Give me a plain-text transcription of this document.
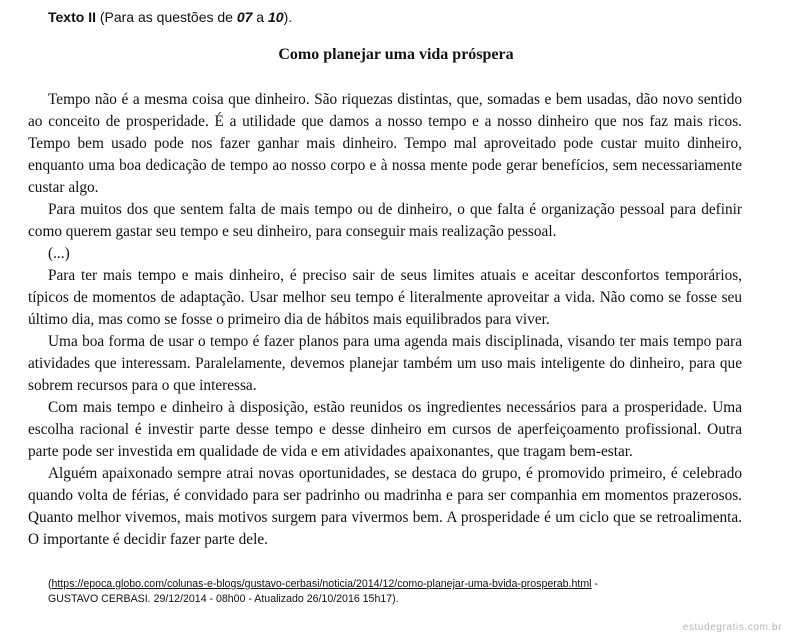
Texto II (Para as questões de 07 a 10).
Como planejar uma vida próspera

Tempo não é a mesma coisa que dinheiro. São riquezas distintas, que, somadas e bem usadas, dão novo sentido ao conceito de prosperidade. É a utilidade que damos a nosso tempo e a nosso dinheiro que nos faz mais ricos. Tempo bem usado pode nos fazer ganhar mais dinheiro. Tempo mal aproveitado pode custar muito dinheiro, enquanto uma boa dedicação de tempo ao nosso corpo e à nossa mente pode gerar benefícios, sem necessariamente custar algo.

Para muitos dos que sentem falta de mais tempo ou de dinheiro, o que falta é organização pessoal para definir como querem gastar seu tempo e seu dinheiro, para conseguir mais realização pessoal.

(...)

Para ter mais tempo e mais dinheiro, é preciso sair de seus limites atuais e aceitar desconfortos temporários, típicos de momentos de adaptação. Usar melhor seu tempo é literalmente aproveitar a vida. Não como se fosse seu último dia, mas como se fosse o primeiro dia de hábitos mais equilibrados para viver.

Uma boa forma de usar o tempo é fazer planos para uma agenda mais disciplinada, visando ter mais tempo para atividades que interessam. Paralelamente, devemos planejar também um uso mais inteligente do dinheiro, para que sobrem recursos para o que interessa.

Com mais tempo e dinheiro à disposição, estão reunidos os ingredientes necessários para a prosperidade. Uma escolha racional é investir parte desse tempo e desse dinheiro em cursos de aperfeiçoamento profissional. Outra parte pode ser investida em qualidade de vida e em atividades apaixonantes, que tragam bem-estar.

Alguém apaixonado sempre atrai novas oportunidades, se destaca do grupo, é promovido primeiro, é celebrado quando volta de férias, é convidado para ser padrinho ou madrinha e para ser companhia em momentos prazerosos. Quanto melhor vivemos, mais motivos surgem para vivermos bem. A prosperidade é um ciclo que se retroalimenta. O importante é decidir fazer parte dele.

(https://epoca.globo.com/colunas-e-blogs/gustavo-cerbasi/noticia/2014/12/como-planejar-uma-bvida-prosperab.html -
GUSTAVO CERBASI. 29/12/2014 - 08h00 - Atualizado 26/10/2016 15h17).
estudegratis.com.br
